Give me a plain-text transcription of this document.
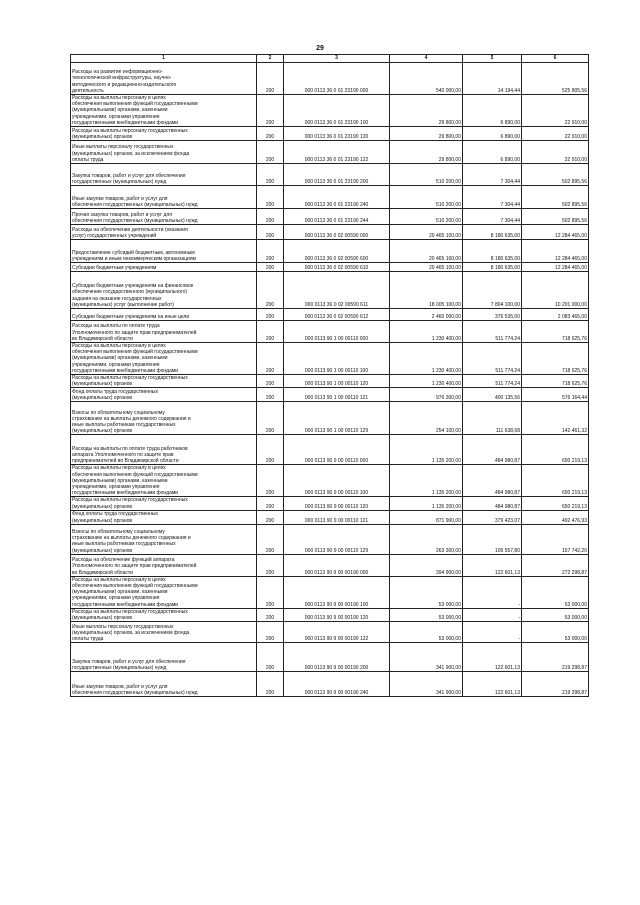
29
1	2	3	4	5	6
Расходы на развитие информационно-
технологической инфраструктуры, научно-
методического и редакционно-издательского
деятельность	200	000 0113 36 0 01 23190 000	540 000,00	14 194,44	525 805,56
Расходы на выплаты персоналу в целях
обеспечения выполнения функций государственными
(муниципальными) органами, казенными
учреждениями, органами управления
государственными внебюджетными фондами	200	000 0113 36 0 01 23190 100	29 800,00	6 890,00	22 910,00
Расходы на выплаты персоналу государственных
(муниципальных) органов	200	000 0113 36 0 01 23190 120	29 800,00	6 890,00	22 910,00
Иные выплаты персоналу государственных
(муниципальных) органов, за исключением фонда
оплаты труда	200	000 0113 36 0 01 23190 122	29 800,00	6 890,00	22 910,00
Закупка товаров, работ и услуг для обеспечения
государственных (муниципальных) нужд	200	000 0113 36 0 01 23190 200	510 200,00	7 304,44	502 895,56
Иные закупки товаров, работ и услуг для
обеспечения государственных (муниципальных) нужд	200	000 0113 36 0 01 23190 240	510 200,00	7 304,44	502 895,56
Прочая закупка товаров, работ и услуг для
обеспечения государственных (муниципальных) нужд	200	000 0113 36 0 01 23190 244	510 200,00	7 304,44	502 895,56
Расходы на обеспечение деятельности (оказания
услуг) государственных учреждений	200	000 0113 36 0 02 00590 000	20 465 100,00	8 180 635,00	12 284 465,00
Предоставление субсидий бюджетным, автономным
учреждениям и иным некоммерческим организациям	200	000 0113 36 0 02 00590 600	20 465 100,00	8 180 635,00	12 284 465,00
Субсидии бюджетным учреждениям	200	000 0113 36 0 02 00590 610	20 465 100,00	8 180 635,00	12 284 465,00
Субсидии бюджетным учреждениям на финансовое
обеспечение государственного (муниципального)
задания на оказание государственных
(муниципальных) услуг (выполнение работ)	200	000 0113 36 0 02 00590 611	18 005 100,00	7 804 100,00	10 201 000,00
Субсидии бюджетным учреждениям на иные цели	200	000 0113 36 0 02 00590 612	2 460 000,00	376 535,00	2 083 465,00
Расходы на выплаты по оплате труда
Уполномоченного по защите прав предпринимателей
во Владимирской области	200	000 0113 90 1 00 00110 000	1 230 400,00	511 774,24	718 625,76
Расходы на выплаты персоналу в целях
обеспечения выполнения функций государственными
(муниципальными) органами, казенными
учреждениями, органами управления
государственными внебюджетными фондами	200	000 0113 90 1 00 00110 100	1 230 400,00	511 774,24	718 625,76
Расходы на выплаты персоналу государственных
(муниципальных) органов	200	000 0113 90 1 00 00110 120	1 230 400,00	511 774,24	718 625,76
Фонд оплаты труда государственных
(муниципальных) органов	200	000 0113 90 1 00 00110 121	976 300,00	400 135,56	576 164,44
Взносы по обязательному социальному
страхованию на выплаты денежного содержания и
иные выплаты работникам государственных
(муниципальных) органов	200	000 0113 90 1 00 00110 129	254 100,00	111 638,68	142 461,32
Расходы на выплаты по оплате труда работников
аппарата Уполномоченного по защите прав
предпринимателей во Владимирской области	200	000 0113 90 9 00 00110 000	1 135 200,00	484 980,87	650 219,13
Расходы на выплаты персоналу в целях
обеспечения выполнения функций государственными
(муниципальными) органами, казенными
учреждениями, органами управления
государственными внебюджетными фондами	200	000 0113 90 9 00 00110 100	1 135 200,00	484 980,87	650 219,13
Расходы на выплаты персоналу государственных
(муниципальных) органов	200	000 0113 90 9 00 00110 120	1 135 200,00	484 980,87	650 219,13
Фонд оплаты труда государственных
(муниципальных) органов	200	000 0113 90 9 00 00110 121	871 900,00	379 423,07	492 476,93
Взносы по обязательному социальному
страхованию на выплаты денежного содержания и
иные выплаты работникам государственных
(муниципальных) органов	200	000 0113 90 9 00 00110 129	263 300,00	105 557,80	157 742,20
Расходы на обеспечение функций аппарата
Уполномоченного по защите прав предпринимателей
во Владимирской области	200	000 0113 90 9 00 00190 000	394 900,00	122 601,13	272 298,87
Расходы на выплаты персоналу в целях
обеспечения выполнения функций государственными
(муниципальными) органами, казенными
учреждениями, органами управления
государственными внебюджетными фондами	200	000 0113 90 9 00 00190 100	53 000,00	-	53 000,00
Расходы на выплаты персоналу государственных
(муниципальных) органов	200	000 0113 90 9 00 00190 120	53 000,00	-	53 000,00
Иные выплаты персоналу государственных
(муниципальных) органов, за исключением фонда
оплаты труда	200	000 0113 90 9 00 00190 122	53 000,00	-	53 000,00
Закупка товаров, работ и услуг для обеспечения
государственных (муниципальных) нужд	200	000 0113 90 9 00 00190 200	341 900,00	122 601,13	219 298,87
Иные закупки товаров, работ и услуг для
обеспечения государственных (муниципальных) нужд	200	000 0113 90 9 00 00190 240	341 900,00	122 601,13	219 298,87
